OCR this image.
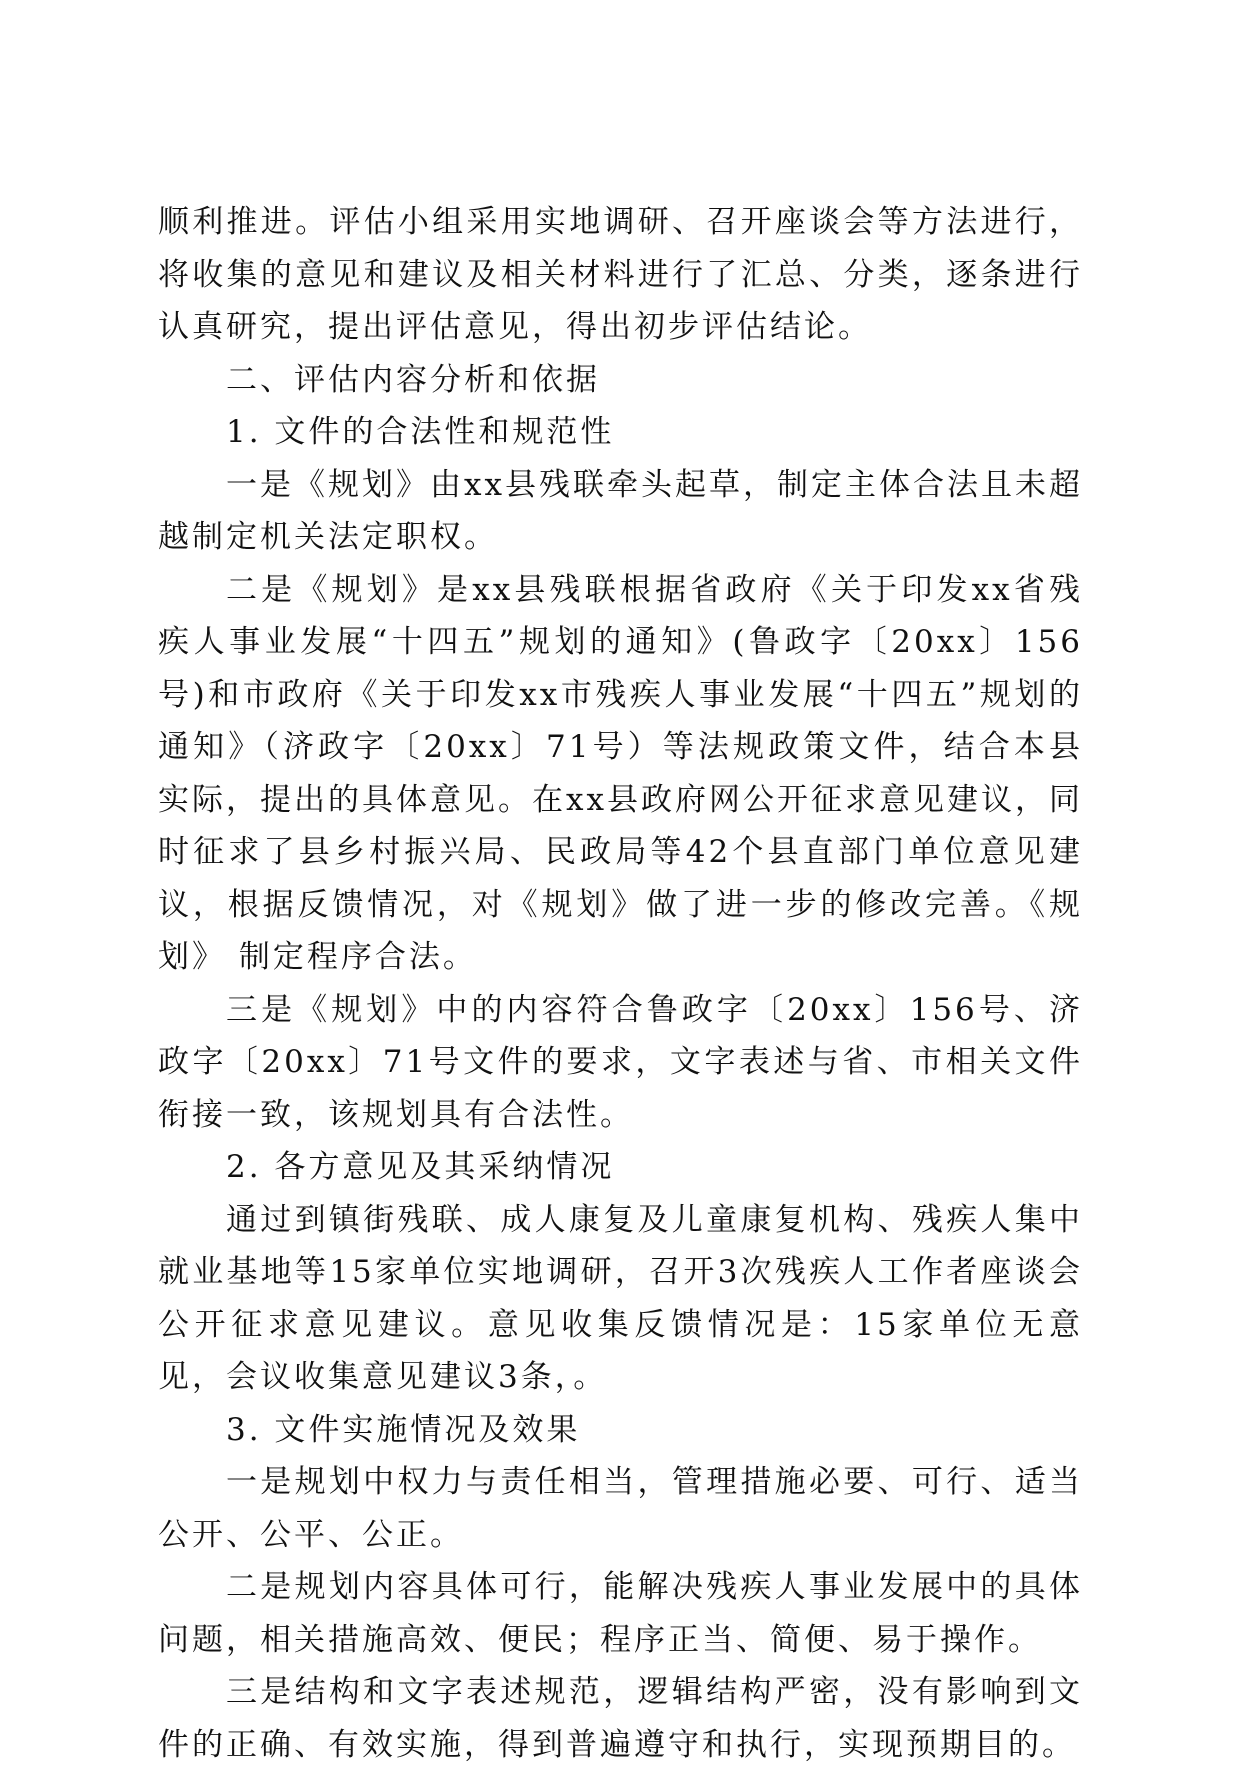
顺利推进。评估小组采用实地调研、召开座谈会等方法进行，将收集的意见和建议及相关材料进行了汇总、分类，逐条进行认真研究，提出评估意见，得出初步评估结论。

二、评估内容分析和依据

1. 文件的合法性和规范性

一是《规划》由xx县残联牵头起草，制定主体合法且未超越制定机关法定职权。

二是《规划》是xx县残联根据省政府《关于印发xx省残疾人事业发展“十四五”规划的通知》(鲁政字〔20xx〕156号)和市政府《关于印发xx市残疾人事业发展“十四五”规划的通知》（济政字〔20xx〕71号）等法规政策文件，结合本县实际，提出的具体意见。在xx县政府网公开征求意见建议，同时征求了县乡村振兴局、民政局等42个县直部门单位意见建议，根据反馈情况，对《规划》做了进一步的修改完善。《规划》 制定程序合法。

三是《规划》中的内容符合鲁政字〔20xx〕156号、济政字〔20xx〕71号文件的要求，文字表述与省、市相关文件衔接一致，该规划具有合法性。

2. 各方意见及其采纳情况

通过到镇街残联、成人康复及儿童康复机构、残疾人集中就业基地等15家单位实地调研，召开3次残疾人工作者座谈会公开征求意见建议。意见收集反馈情况是：15家单位无意见，会议收集意见建议3条，。

3. 文件实施情况及效果

一是规划中权力与责任相当，管理措施必要、可行、适当公开、公平、公正。

二是规划内容具体可行，能解决残疾人事业发展中的具体问题，相关措施高效、便民；程序正当、简便、易于操作。

三是结构和文字表述规范，逻辑结构严密，没有影响到文件的正确、有效实施，得到普遍遵守和执行，实现预期目的。
